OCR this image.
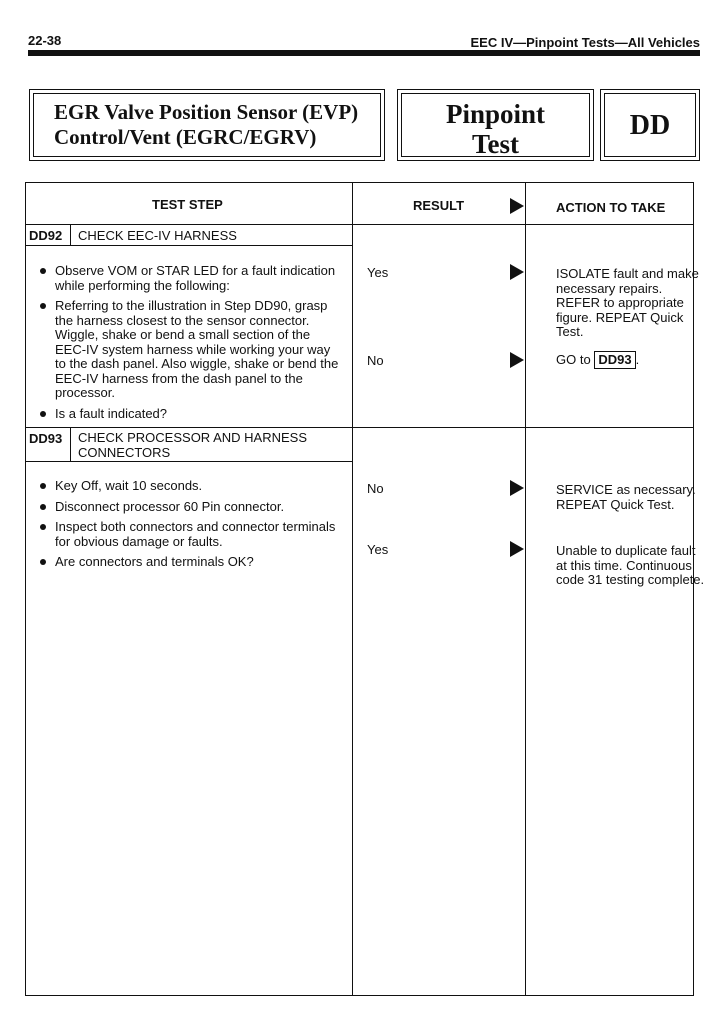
22-38	EEC IV—Pinpoint Tests—All Vehicles
EGR Valve Position Sensor (EVP)
Control/Vent (EGRC/EGRV)
Pinpoint
Test
DD
TEST STEP	RESULT	ACTION TO TAKE
DD92 CHECK EEC-IV HARNESS
Observe VOM or STAR LED for a fault indication while performing the following:
Referring to the illustration in Step DD90, grasp the harness closest to the sensor connector. Wiggle, shake or bend a small section of the EEC-IV system harness while working your way to the dash panel. Also wiggle, shake or bend the EEC-IV harness from the dash panel to the processor.
Is a fault indicated?
Yes	ISOLATE fault and make necessary repairs. REFER to appropriate figure. REPEAT Quick Test.
No	GO to DD93 .
DD93 CHECK PROCESSOR AND HARNESS CONNECTORS
Key Off, wait 10 seconds.
Disconnect processor 60 Pin connector.
Inspect both connectors and connector terminals for obvious damage or faults.
Are connectors and terminals OK?
No	SERVICE as necessary. REPEAT Quick Test.
Yes	Unable to duplicate fault at this time. Continuous code 31 testing complete.
